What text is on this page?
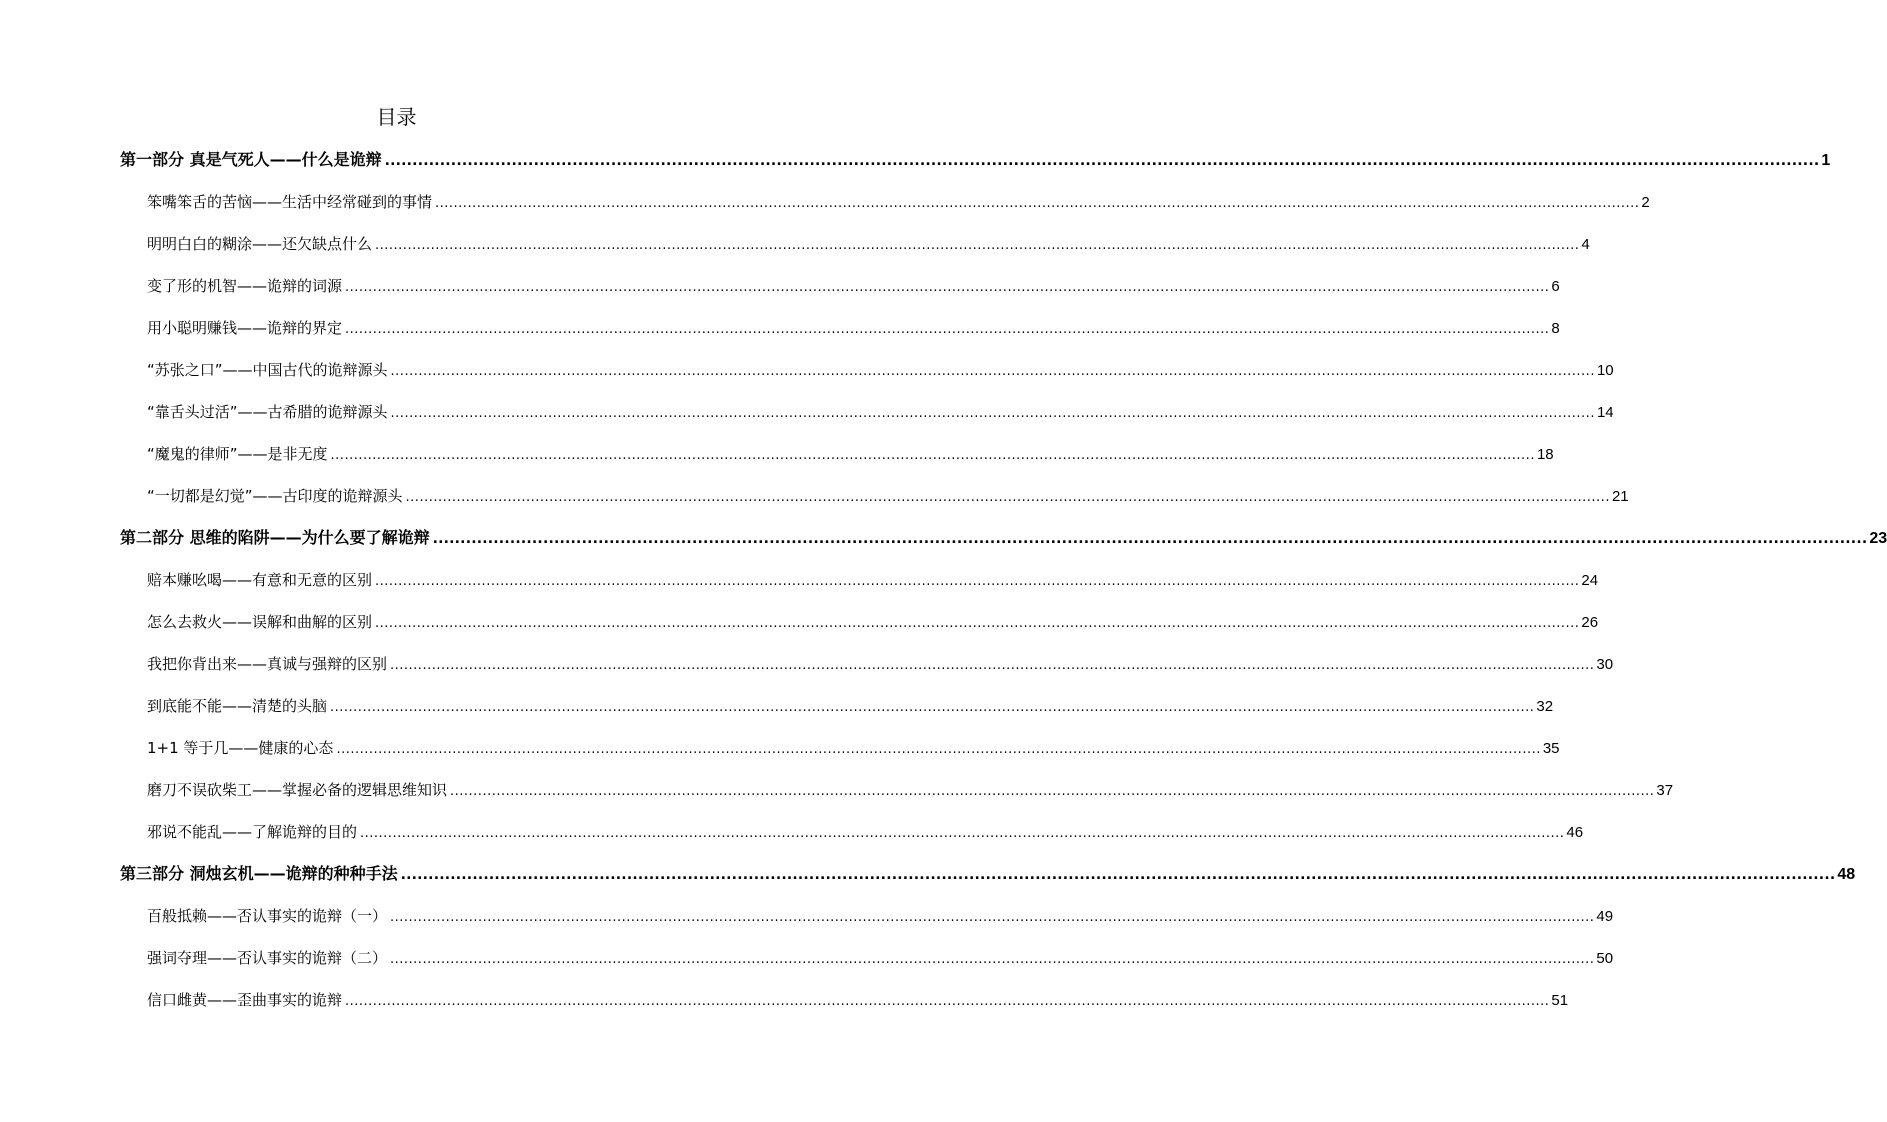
目录
第一部分 真是气死人——什么是诡辩 .................................................................................................................................................................................................................................................................... 1
笨嘴笨舌的苦恼——生活中经常碰到的事情 .................................................................................................................................................................................................................................................................... 2
明明白白的糊涂——还欠缺点什么 .................................................................................................................................................................................................................................................................... 4
变了形的机智——诡辩的词源 .................................................................................................................................................................................................................................................................... 6
用小聪明赚钱——诡辩的界定 .................................................................................................................................................................................................................................................................... 8
“苏张之口”——中国古代的诡辩源头 .................................................................................................................................................................................................................................................................... 10
“靠舌头过活”——古希腊的诡辩源头 .................................................................................................................................................................................................................................................................... 14
“魔鬼的律师”——是非无度 .................................................................................................................................................................................................................................................................... 18
“一切都是幻觉”——古印度的诡辩源头 .................................................................................................................................................................................................................................................................... 21
第二部分 思维的陷阱——为什么要了解诡辩 .................................................................................................................................................................................................................................................................... 23
赔本赚吆喝——有意和无意的区别 .................................................................................................................................................................................................................................................................... 24
怎么去救火——误解和曲解的区别 .................................................................................................................................................................................................................................................................... 26
我把你背出来——真诚与强辩的区别 .................................................................................................................................................................................................................................................................... 30
到底能不能——清楚的头脑 .................................................................................................................................................................................................................................................................... 32
1+1 等于几——健康的心态 .................................................................................................................................................................................................................................................................... 35
磨刀不误砍柴工——掌握必备的逻辑思维知识 .................................................................................................................................................................................................................................................................... 37
邪说不能乱——了解诡辩的目的 .................................................................................................................................................................................................................................................................... 46
第三部分 洞烛玄机——诡辩的种种手法 .................................................................................................................................................................................................................................................................... 48
百般抵赖——否认事实的诡辩（一） .................................................................................................................................................................................................................................................................... 49
强词夺理——否认事实的诡辩（二） .................................................................................................................................................................................................................................................................... 50
信口雌黄——歪曲事实的诡辩 .................................................................................................................................................................................................................................................................... 51
